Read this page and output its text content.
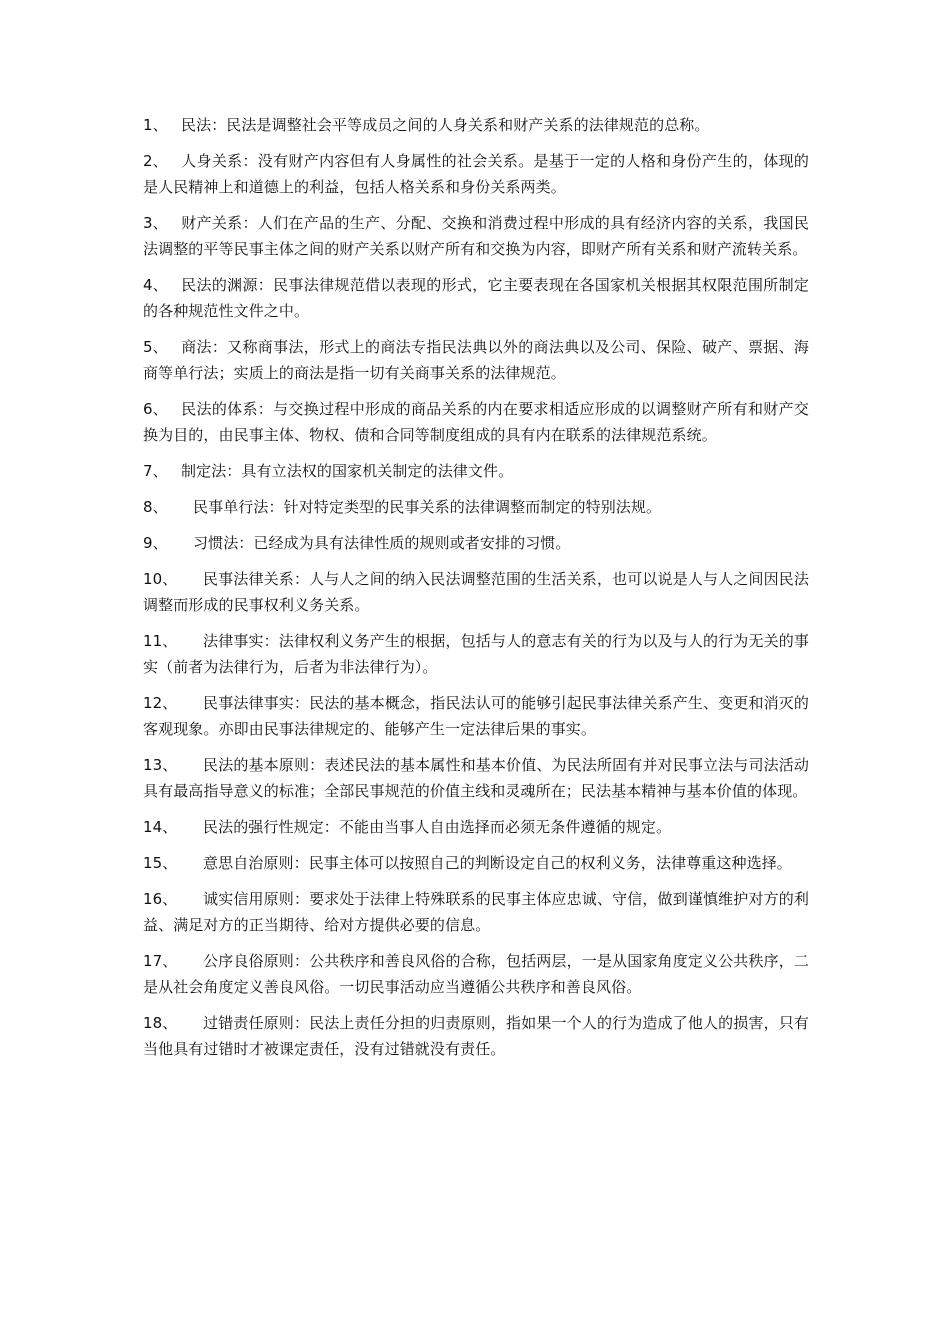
1、 民法：民法是调整社会平等成员之间的人身关系和财产关系的法律规范的总称。

2、 人身关系：没有财产内容但有人身属性的社会关系。是基于一定的人格和身份产生的，体现的是人民精神上和道德上的利益，包括人格关系和身份关系两类。

3、 财产关系：人们在产品的生产、分配、交换和消费过程中形成的具有经济内容的关系，我国民法调整的平等民事主体之间的财产关系以财产所有和交换为内容，即财产所有关系和财产流转关系。

4、 民法的渊源：民事法律规范借以表现的形式，它主要表现在各国家机关根据其权限范围所制定的各种规范性文件之中。

5、 商法：又称商事法，形式上的商法专指民法典以外的商法典以及公司、保险、破产、票据、海商等单行法；实质上的商法是指一切有关商事关系的法律规范。

6、 民法的体系：与交换过程中形成的商品关系的内在要求相适应形成的以调整财产所有和财产交换为目的，由民事主体、物权、债和合同等制度组成的具有内在联系的法律规范系统。

7、 制定法：具有立法权的国家机关制定的法律文件。

8、 民事单行法：针对特定类型的民事关系的法律调整而制定的特别法规。

9、 习惯法：已经成为具有法律性质的规则或者安排的习惯。

10、 民事法律关系：人与人之间的纳入民法调整范围的生活关系，也可以说是人与人之间因民法调整而形成的民事权利义务关系。

11、 法律事实：法律权利义务产生的根据，包括与人的意志有关的行为以及与人的行为无关的事实（前者为法律行为，后者为非法律行为）。

12、 民事法律事实：民法的基本概念，指民法认可的能够引起民事法律关系产生、变更和消灭的客观现象。亦即由民事法律规定的、能够产生一定法律后果的事实。

13、 民法的基本原则：表述民法的基本属性和基本价值、为民法所固有并对民事立法与司法活动具有最高指导意义的标准；全部民事规范的价值主线和灵魂所在；民法基本精神与基本价值的体现。

14、 民法的强行性规定：不能由当事人自由选择而必须无条件遵循的规定。

15、 意思自治原则：民事主体可以按照自己的判断设定自己的权利义务，法律尊重这种选择。

16、 诚实信用原则：要求处于法律上特殊联系的民事主体应忠诚、守信，做到谨慎维护对方的利益、满足对方的正当期待、给对方提供必要的信息。

17、 公序良俗原则：公共秩序和善良风俗的合称，包括两层，一是从国家角度定义公共秩序，二是从社会角度定义善良风俗。一切民事活动应当遵循公共秩序和善良风俗。

18、 过错责任原则：民法上责任分担的归责原则，指如果一个人的行为造成了他人的损害，只有当他具有过错时才被课定责任，没有过错就没有责任。
